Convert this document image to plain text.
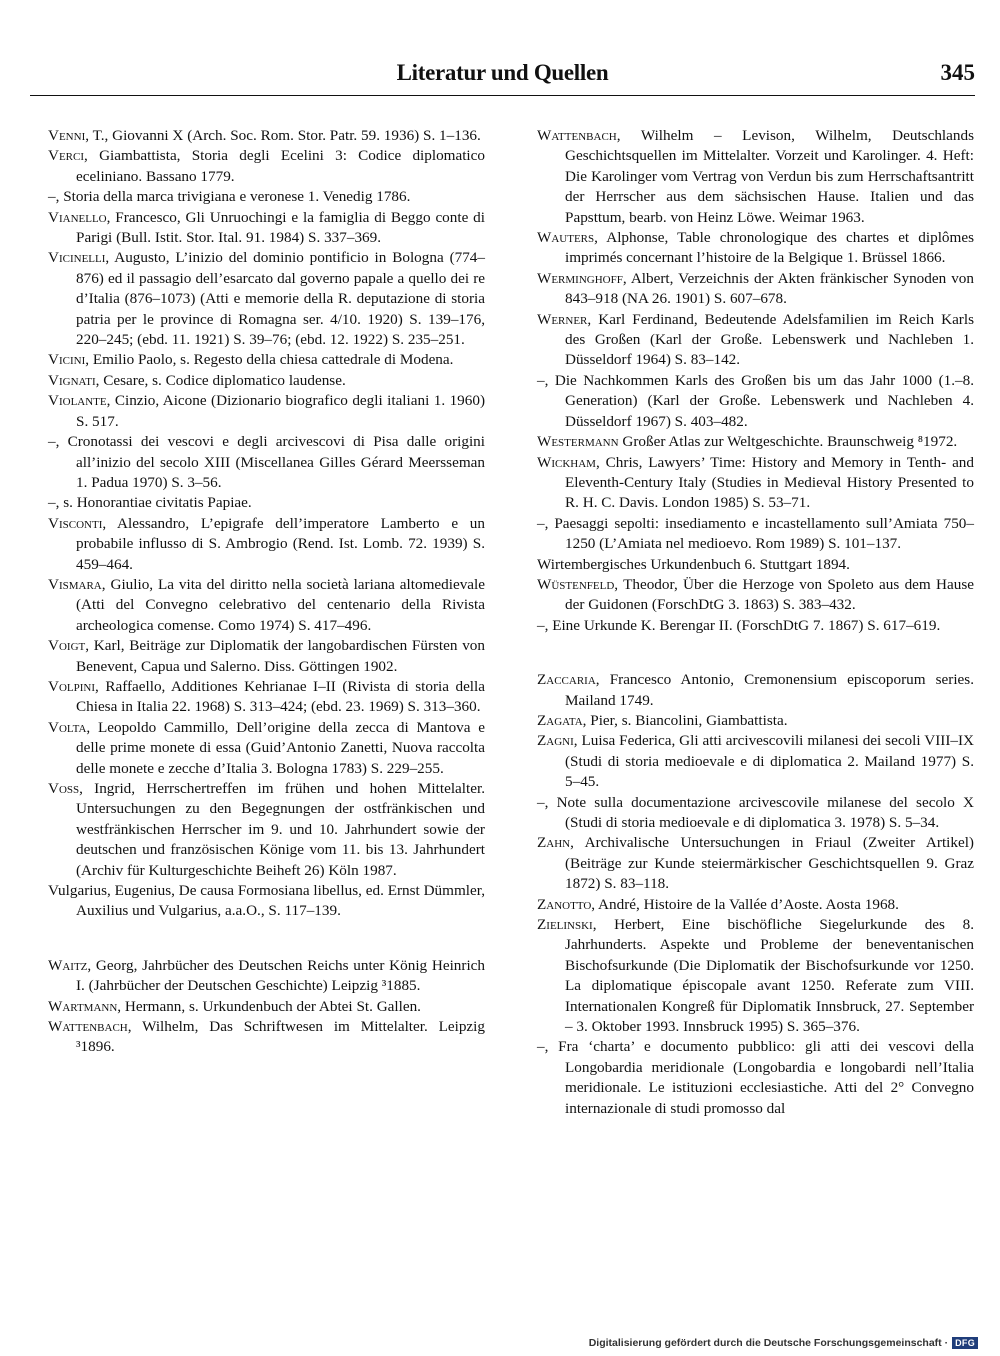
Literatur und Quellen	345

Venni, T., Giovanni X (Arch. Soc. Rom. Stor. Patr. 59. 1936) S. 1–136.

Verci, Giambattista, Storia degli Ecelini 3: Codice diplomatico eceliniano. Bassano 1779.

–, Storia della marca trivigiana e veronese 1. Venedig 1786.

Vianello, Francesco, Gli Unruochingi e la famiglia di Beggo conte di Parigi (Bull. Istit. Stor. Ital. 91. 1984) S. 337–369.

Vicinelli, Augusto, L’inizio del dominio pontificio in Bologna (774–876) ed il passagio dell’esarcato dal governo papale a quello dei re d’Italia (876–1073) (Atti e memorie della R. deputazione di storia patria per le province di Romagna ser. 4/10. 1920) S. 139–176, 220–245; (ebd. 11. 1921) S. 39–76; (ebd. 12. 1922) S. 235–251.

Vicini, Emilio Paolo, s. Regesto della chiesa cattedrale di Modena.

Vignati, Cesare, s. Codice diplomatico laudense.

Violante, Cinzio, Aicone (Dizionario biografico degli italiani 1. 1960) S. 517.

–, Cronotassi dei vescovi e degli arcivescovi di Pisa dalle origini all’inizio del secolo XIII (Miscellanea Gilles Gérard Meersseman 1. Padua 1970) S. 3–56.

–, s. Honorantiae civitatis Papiae.

Visconti, Alessandro, L’epigrafe dell’imperatore Lamberto e un probabile influsso di S. Ambrogio (Rend. Ist. Lomb. 72. 1939) S. 459–464.

Vismara, Giulio, La vita del diritto nella società lariana altomedievale (Atti del Convegno celebrativo del centenario della Rivista archeologica comense. Como 1974) S. 417–496.

Voigt, Karl, Beiträge zur Diplomatik der langobardischen Fürsten von Benevent, Capua und Salerno. Diss. Göttingen 1902.

Volpini, Raffaello, Additiones Kehrianae I–II (Rivista di storia della Chiesa in Italia 22. 1968) S. 313–424; (ebd. 23. 1969) S. 313–360.

Volta, Leopoldo Cammillo, Dell’origine della zecca di Mantova e delle prime monete di essa (Guid’Antonio Zanetti, Nuova raccolta delle monete e zecche d’Italia 3. Bologna 1783) S. 229–255.

Voss, Ingrid, Herrschertreffen im frühen und hohen Mittelalter. Untersuchungen zu den Begegnungen der ostfränkischen und westfränkischen Herrscher im 9. und 10. Jahrhundert sowie der deutschen und französischen Könige vom 11. bis 13. Jahrhundert (Archiv für Kulturgeschichte Beiheft 26) Köln 1987.

Vulgarius, Eugenius, De causa Formosiana libellus, ed. Ernst Dümmler, Auxilius und Vulgarius, a.a.O., S. 117–139.

Waitz, Georg, Jahrbücher des Deutschen Reichs unter König Heinrich I. (Jahrbücher der Deutschen Geschichte) Leipzig ³1885.

Wartmann, Hermann, s. Urkundenbuch der Abtei St. Gallen.

Wattenbach, Wilhelm, Das Schriftwesen im Mittelalter. Leipzig ³1896.

Wattenbach, Wilhelm – Levison, Wilhelm, Deutschlands Geschichtsquellen im Mittelalter. Vorzeit und Karolinger. 4. Heft: Die Karolinger vom Vertrag von Verdun bis zum Herrschaftsantritt der Herrscher aus dem sächsischen Hause. Italien und das Papsttum, bearb. von Heinz Löwe. Weimar 1963.

Wauters, Alphonse, Table chronologique des chartes et diplômes imprimés concernant l’histoire de la Belgique 1. Brüssel 1866.

Werminghoff, Albert, Verzeichnis der Akten fränkischer Synoden von 843–918 (NA 26. 1901) S. 607–678.

Werner, Karl Ferdinand, Bedeutende Adelsfamilien im Reich Karls des Großen (Karl der Große. Lebenswerk und Nachleben 1. Düsseldorf 1964) S. 83–142.

–, Die Nachkommen Karls des Großen bis um das Jahr 1000 (1.–8. Generation) (Karl der Große. Lebenswerk und Nachleben 4. Düsseldorf 1967) S. 403–482.

Westermann Großer Atlas zur Weltgeschichte. Braunschweig ⁸1972.

Wickham, Chris, Lawyers’ Time: History and Memory in Tenth- and Eleventh-Century Italy (Studies in Medieval History Presented to R. H. C. Davis. London 1985) S. 53–71.

–, Paesaggi sepolti: insediamento e incastellamento sull’Amiata 750–1250 (L’Amiata nel medioevo. Rom 1989) S. 101–137.

Wirtembergisches Urkundenbuch 6. Stuttgart 1894.

Wüstenfeld, Theodor, Über die Herzoge von Spoleto aus dem Hause der Guidonen (ForschDtG 3. 1863) S. 383–432.

–, Eine Urkunde K. Berengar II. (ForschDtG 7. 1867) S. 617–619.

Zaccaria, Francesco Antonio, Cremonensium episcoporum series. Mailand 1749.

Zagata, Pier, s. Biancolini, Giambattista.

Zagni, Luisa Federica, Gli atti arcivescovili milanesi dei secoli VIII–IX (Studi di storia medioevale e di diplomatica 2. Mailand 1977) S. 5–45.

–, Note sulla documentazione arcivescovile milanese del secolo X (Studi di storia medioevale e di diplomatica 3. 1978) S. 5–34.

Zahn, Archivalische Untersuchungen in Friaul (Zweiter Artikel) (Beiträge zur Kunde steiermärkischer Geschichtsquellen 9. Graz 1872) S. 83–118.

Zanotto, André, Histoire de la Vallée d’Aoste. Aosta 1968.

Zielinski, Herbert, Eine bischöfliche Siegelurkunde des 8. Jahrhunderts. Aspekte und Probleme der beneventanischen Bischofsurkunde (Die Diplomatik der Bischofsurkunde vor 1250. La diplomatique épiscopale avant 1250. Referate zum VIII. Internationalen Kongreß für Diplomatik Innsbruck, 27. September – 3. Oktober 1993. Innsbruck 1995) S. 365–376.

–, Fra ‘charta’ e documento pubblico: gli atti dei vescovi della Longobardia meridionale (Longobardia e longobardi nell’Italia meridionale. Le istituzioni ecclesiastiche. Atti del 2° Convegno internazionale di studi promosso dal

Digitalisierung gefördert durch die Deutsche Forschungsgemeinschaft · DFG
